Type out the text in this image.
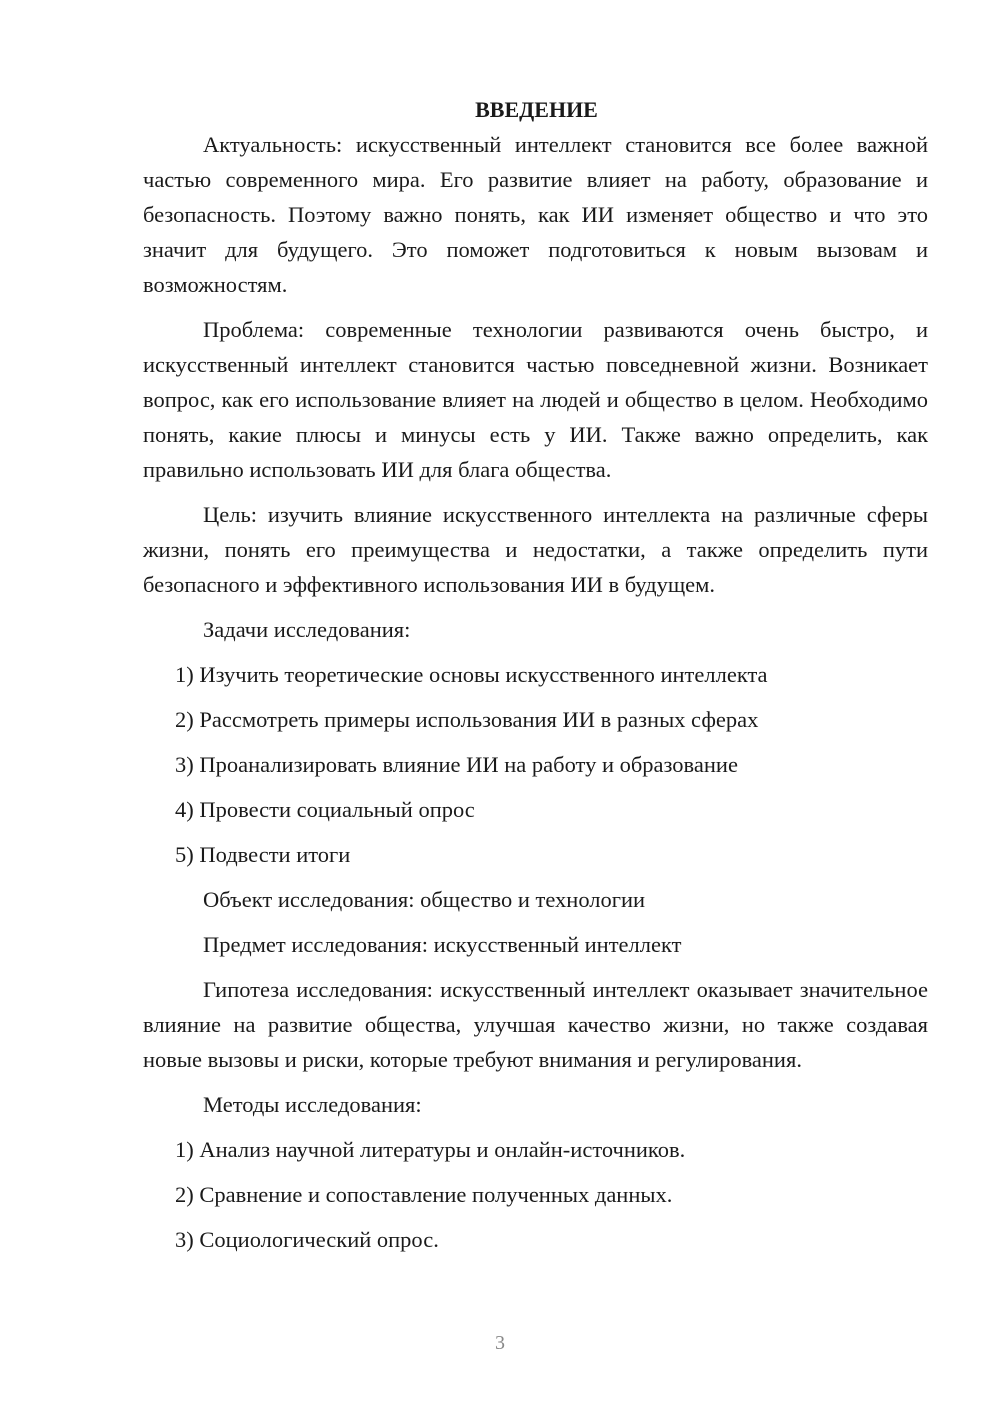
ВВЕДЕНИЕ

Актуальность: искусственный интеллект становится все более важной частью современного мира. Его развитие влияет на работу, образование и безопасность. Поэтому важно понять, как ИИ изменяет общество и что это значит для будущего. Это поможет подготовиться к новым вызовам и возможностям.

Проблема: современные технологии развиваются очень быстро, и искусственный интеллект становится частью повседневной жизни. Возникает вопрос, как его использование влияет на людей и общество в целом. Необходимо понять, какие плюсы и минусы есть у ИИ. Также важно определить, как правильно использовать ИИ для блага общества.

Цель: изучить влияние искусственного интеллекта на различные сферы жизни, понять его преимущества и недостатки, а также определить пути безопасного и эффективного использования ИИ в будущем.

Задачи исследования:

1) Изучить теоретические основы искусственного интеллекта

2) Рассмотреть примеры использования ИИ в разных сферах

3) Проанализировать влияние ИИ на работу и образование

4) Провести социальный опрос

5) Подвести итоги

Объект исследования: общество и технологии

Предмет исследования: искусственный интеллект

Гипотеза исследования: искусственный интеллект оказывает значительное влияние на развитие общества, улучшая качество жизни, но также создавая новые вызовы и риски, которые требуют внимания и регулирования.

Методы исследования:

1) Анализ научной литературы и онлайн-источников.

2) Сравнение и сопоставление полученных данных.

3) Социологический опрос.

3
